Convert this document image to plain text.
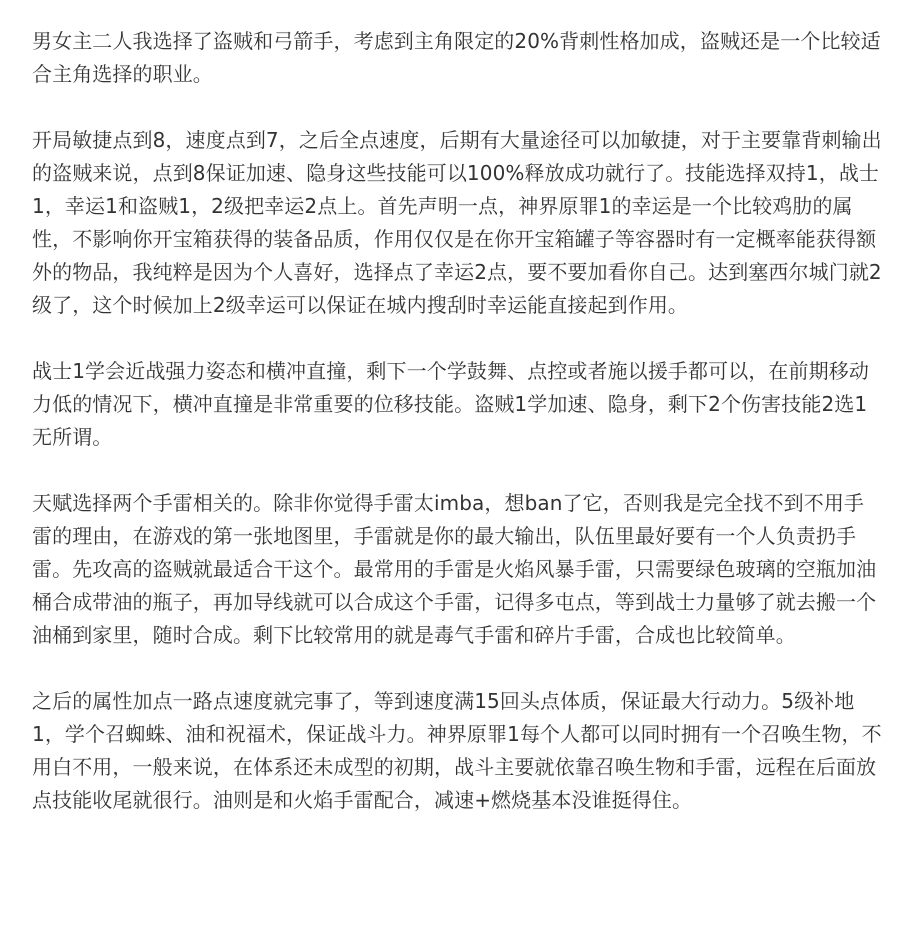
男女主二人我选择了盗贼和弓箭手，考虑到主角限定的20%背刺性格加成，盗贼还是一个比较适合主角选择的职业。

开局敏捷点到8，速度点到7，之后全点速度，后期有大量途径可以加敏捷，对于主要靠背刺输出的盗贼来说，点到8保证加速、隐身这些技能可以100%释放成功就行了。技能选择双持1，战士1，幸运1和盗贼1，2级把幸运2点上。首先声明一点，神界原罪1的幸运是一个比较鸡肋的属性，不影响你开宝箱获得的装备品质，作用仅仅是在你开宝箱罐子等容器时有一定概率能获得额外的物品，我纯粹是因为个人喜好，选择点了幸运2点，要不要加看你自己。达到塞西尔城门就2级了，这个时候加上2级幸运可以保证在城内搜刮时幸运能直接起到作用。

战士1学会近战强力姿态和横冲直撞，剩下一个学鼓舞、点控或者施以援手都可以，在前期移动力低的情况下，横冲直撞是非常重要的位移技能。盗贼1学加速、隐身，剩下2个伤害技能2选1无所谓。

天赋选择两个手雷相关的。除非你觉得手雷太imba，想ban了它，否则我是完全找不到不用手雷的理由，在游戏的第一张地图里，手雷就是你的最大输出，队伍里最好要有一个人负责扔手雷。先攻高的盗贼就最适合干这个。最常用的手雷是火焰风暴手雷，只需要绿色玻璃的空瓶加油桶合成带油的瓶子，再加导线就可以合成这个手雷，记得多屯点，等到战士力量够了就去搬一个油桶到家里，随时合成。剩下比较常用的就是毒气手雷和碎片手雷，合成也比较简单。

之后的属性加点一路点速度就完事了，等到速度满15回头点体质，保证最大行动力。5级补地1，学个召蜘蛛、油和祝福术，保证战斗力。神界原罪1每个人都可以同时拥有一个召唤生物，不用白不用，一般来说，在体系还未成型的初期，战斗主要就依靠召唤生物和手雷，远程在后面放点技能收尾就很行。油则是和火焰手雷配合，减速+燃烧基本没谁挺得住。
